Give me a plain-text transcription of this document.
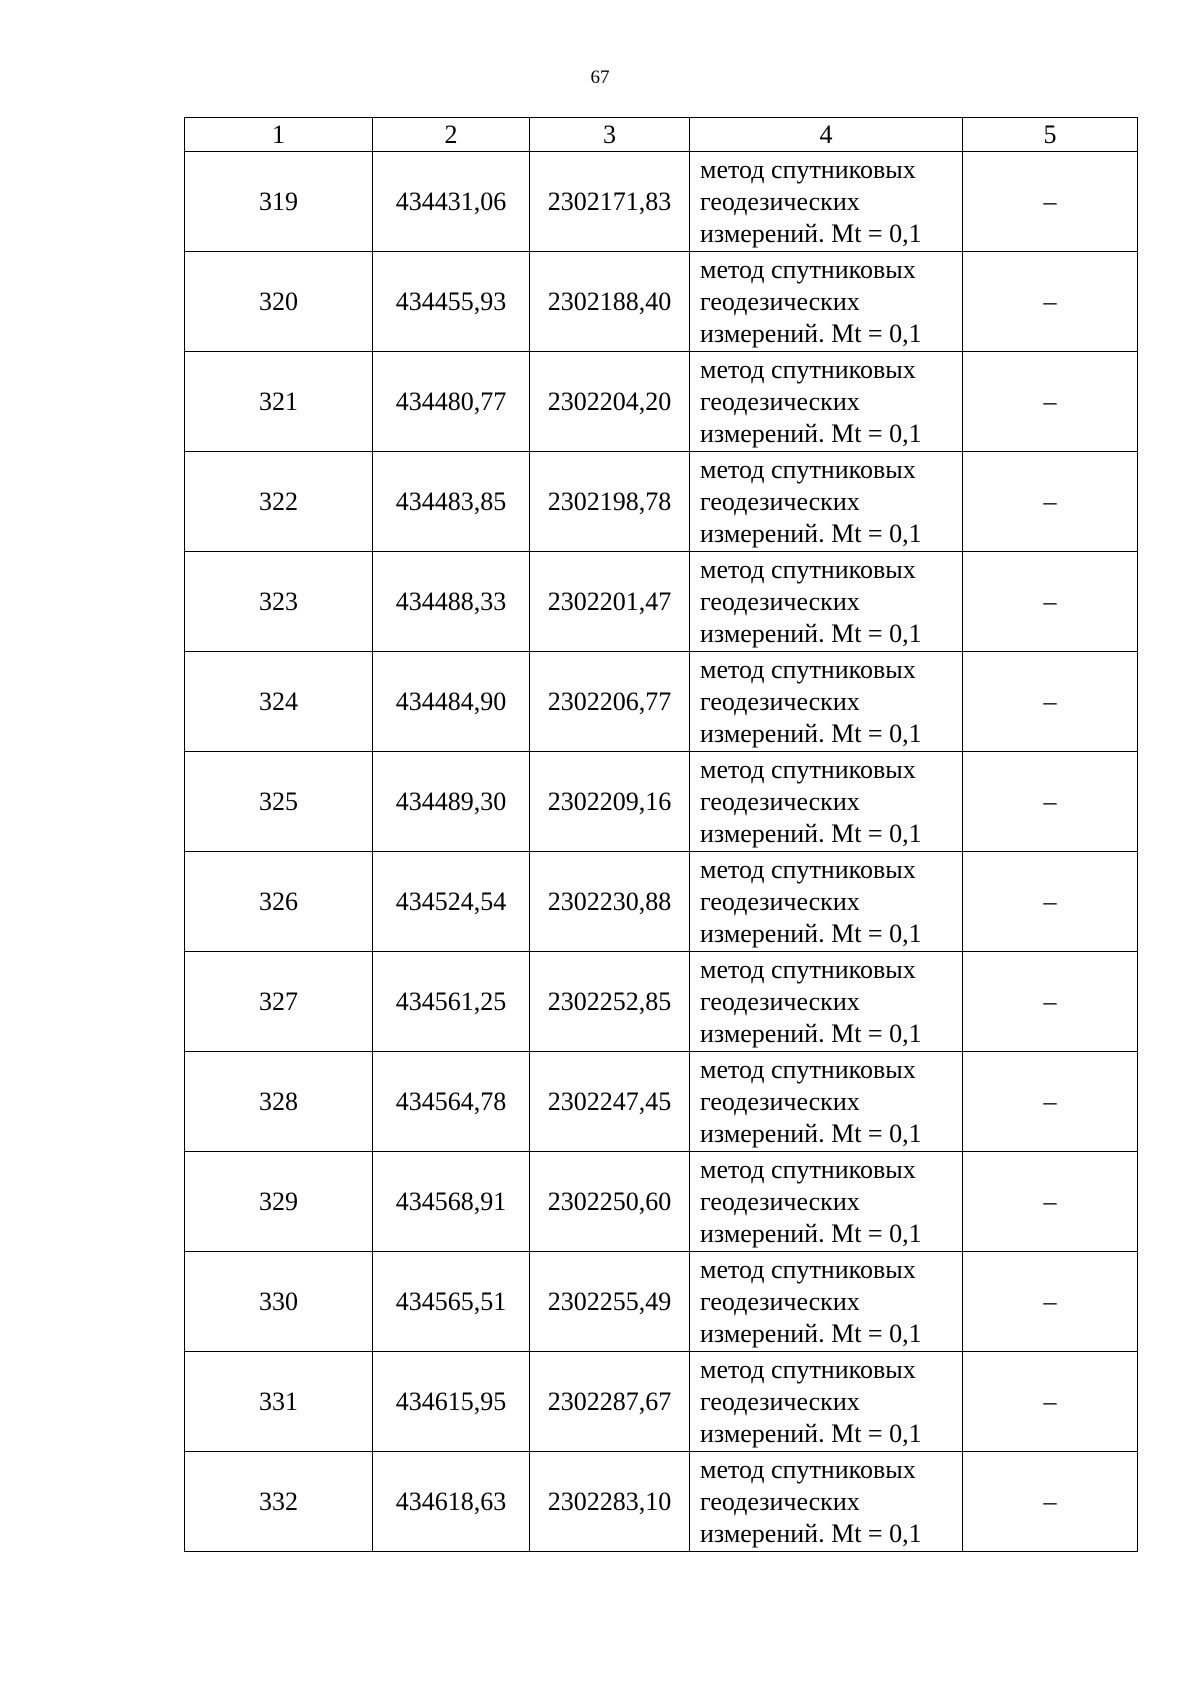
67
1	2	3	4	5
319	434431,06	2302171,83	метод спутниковых
геодезических
измерений. Mt = 0,1	–
320	434455,93	2302188,40	метод спутниковых
геодезических
измерений. Mt = 0,1	–
321	434480,77	2302204,20	метод спутниковых
геодезических
измерений. Mt = 0,1	–
322	434483,85	2302198,78	метод спутниковых
геодезических
измерений. Mt = 0,1	–
323	434488,33	2302201,47	метод спутниковых
геодезических
измерений. Mt = 0,1	–
324	434484,90	2302206,77	метод спутниковых
геодезических
измерений. Mt = 0,1	–
325	434489,30	2302209,16	метод спутниковых
геодезических
измерений. Mt = 0,1	–
326	434524,54	2302230,88	метод спутниковых
геодезических
измерений. Mt = 0,1	–
327	434561,25	2302252,85	метод спутниковых
геодезических
измерений. Mt = 0,1	–
328	434564,78	2302247,45	метод спутниковых
геодезических
измерений. Mt = 0,1	–
329	434568,91	2302250,60	метод спутниковых
геодезических
измерений. Mt = 0,1	–
330	434565,51	2302255,49	метод спутниковых
геодезических
измерений. Mt = 0,1	–
331	434615,95	2302287,67	метод спутниковых
геодезических
измерений. Mt = 0,1	–
332	434618,63	2302283,10	метод спутниковых
геодезических
измерений. Mt = 0,1	–
